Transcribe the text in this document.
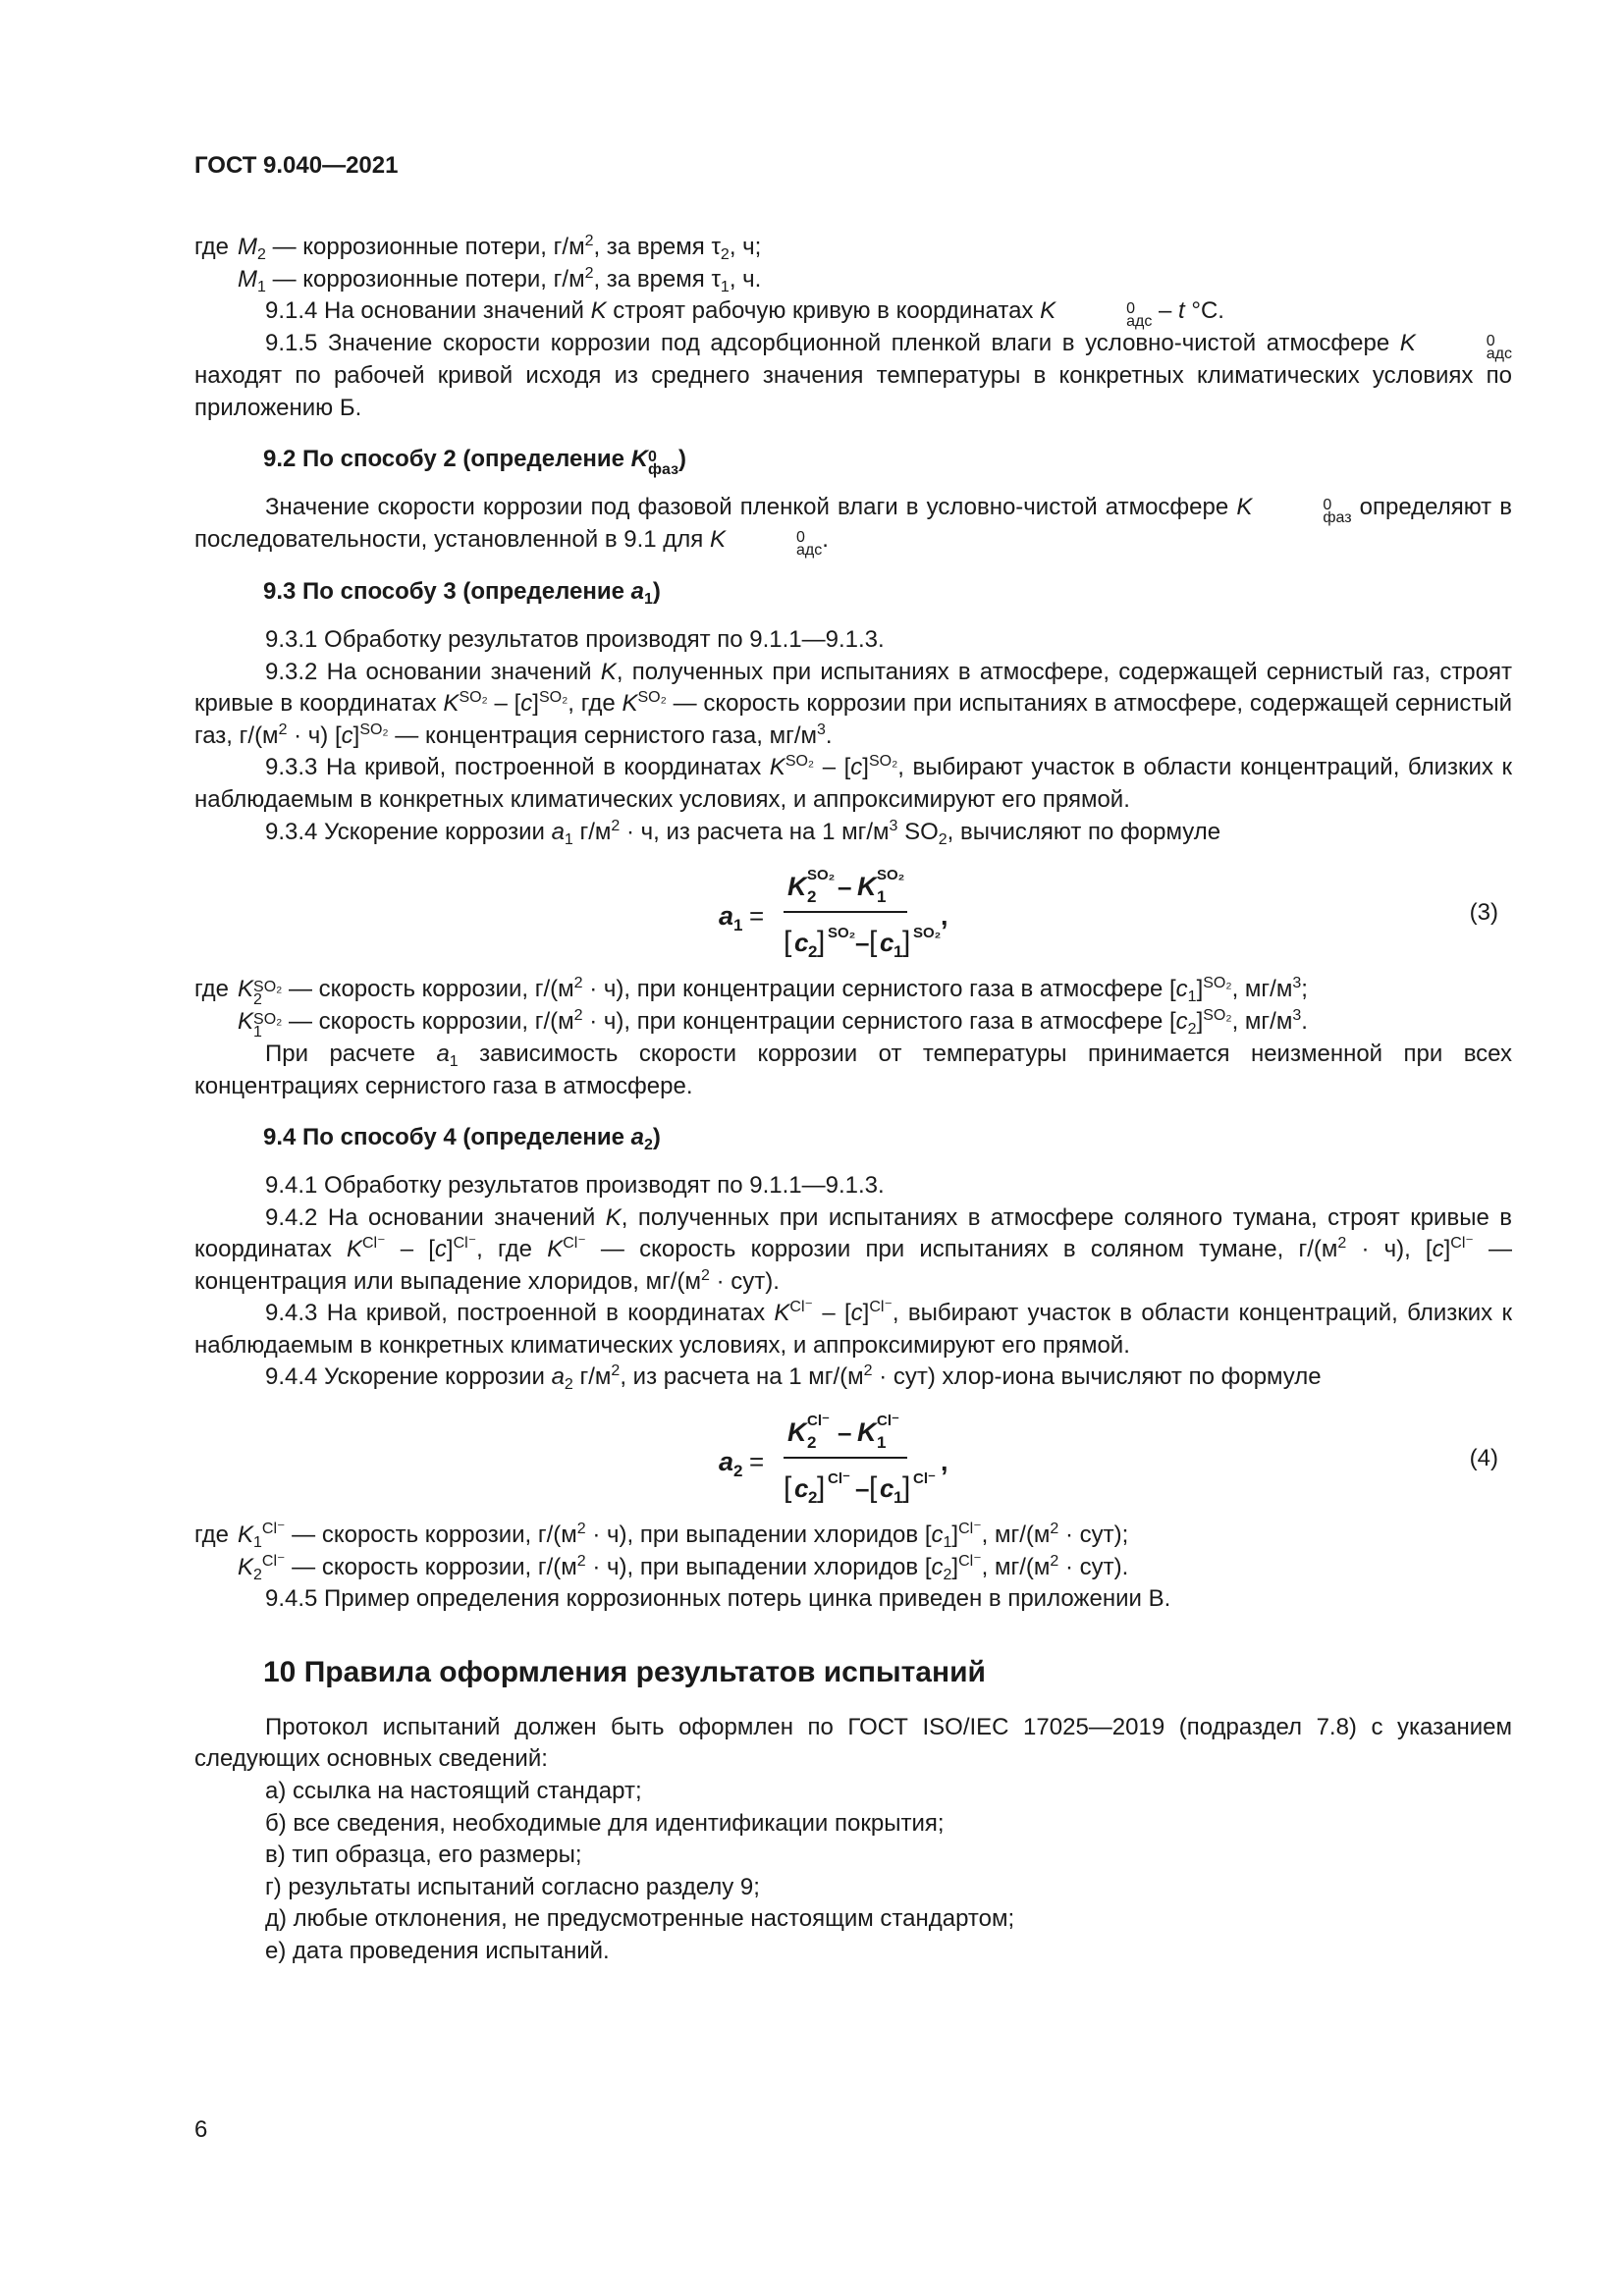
ГОСТ 9.040—2021
где $M_2$ — коррозионные потери, $г/м^2$, за время $\tau_2$, ч;
$M_1$ — коррозионные потери, $г/м^2$, за время $\tau_1$, ч.

9.1.4 На основании значений K строят рабочую кривую в координатах K	0
адс – t °С.

9.1.5 Значение скорости коррозии под адсорбционной пленкой влаги в условно-чистой атмосфере K	0
адс
находят по рабочей кривой исходя из среднего значения температуры в конкретных климатических условиях по приложению Б.

9.2 По способу 2 (определение K 0
фаз )

Значение скорости коррозии под фазовой пленкой влаги в условно-чистой атмосфере K	0
фаз определяют в последовательности, установленной в 9.1 для K	0
адс .

9.3 По способу 3 (определение $a_1$)

9.3.1 Обработку результатов производят по 9.1.1—9.1.3.

9.3.2 На основании значений K, полученных при испытаниях в атмосфере, содержащей сернистый газ, строят кривые в координатах $K^{SO_2} - [c]^{SO_2}$, где $K^{SO_2}$ — скорость коррозии при испытаниях в атмосфере, содержащей сернистый газ, $г/(м^2 \cdot ч)$ $[c]^{SO_2}$ — концентрация сернистого газа, $мг/м^3$.

9.3.3 На кривой, построенной в координатах $K^{SO_2} - [c]^{SO_2}$, выбирают участок в области концентраций, близких к наблюдаемым в конкретных климатических условиях, и аппроксимируют его прямой.

9.3.4 Ускорение коррозии $a_1$ $г/м^2 \cdot ч$, из расчета на 1 $мг/м^3$ $SO_2$, вычисляют по формуле

a 1 =
K SO₂
2 – K SO₂
1
[ c 2 ] SO₂ – [ c 1 ] SO₂
,	(3)
где K SO₂
2 — скорость коррозии, $г/(м^2 \cdot ч)$, при концентрации сернистого газа в атмосфере $[c_1]^{SO_2}$, $мг/м^3$;
K SO₂
1 — скорость коррозии, $г/(м^2 \cdot ч)$, при концентрации сернистого газа в атмосфере $[c_2]^{SO_2}$, $мг/м^3$.

При расчете $a_1$ зависимость скорости коррозии от температуры принимается неизменной при всех концентрациях сернистого газа в атмосфере.

9.4 По способу 4 (определение $a_2$)

9.4.1 Обработку результатов производят по 9.1.1—9.1.3.

9.4.2 На основании значений K, полученных при испытаниях в атмосфере соляного тумана, строят кривые в координатах $K^{Cl^-} - [c]^{Cl^-}$, где $K^{Cl^-}$ — скорость коррозии при испытаниях в соляном тумане, $г/(м^2 \cdot ч)$, $[c]^{Cl^-}$ — концентрация или выпадение хлоридов, $мг/(м^2 \cdot сут)$.

9.4.3 На кривой, построенной в координатах $K^{Cl^-} - [c]^{Cl^-}$, выбирают участок в области концентраций, близких к наблюдаемым в конкретных климатических условиях, и аппроксимируют его прямой.

9.4.4 Ускорение коррозии $a_2$ $г/м^2$, из расчета на 1 $мг/(м^2 \cdot сут)$ хлор-иона вычисляют по формуле

a 2 =
K Cl⁻
2 – K Cl⁻
1
[ c 2 ] Cl⁻ – [ c 1 ] Cl⁻
,	(4)
где $K_1^{Cl^-}$ — скорость коррозии, $г/(м^2 \cdot ч)$, при выпадении хлоридов $[c_1]^{Cl^-}$, $мг/(м^2 \cdot сут)$;
$K_2^{Cl^-}$ — скорость коррозии, $г/(м^2 \cdot ч)$, при выпадении хлоридов $[c_2]^{Cl^-}$, $мг/(м^2 \cdot сут)$.

9.4.5 Пример определения коррозионных потерь цинка приведен в приложении В.

10 Правила оформления результатов испытаний

Протокол испытаний должен быть оформлен по ГОСТ ISO/IEC 17025—2019 (подраздел 7.8) с указанием следующих основных сведений:

а) ссылка на настоящий стандарт;
б) все сведения, необходимые для идентификации покрытия;
в) тип образца, его размеры;
г) результаты испытаний согласно разделу 9;
д) любые отклонения, не предусмотренные настоящим стандартом;
е) дата проведения испытаний.
6
